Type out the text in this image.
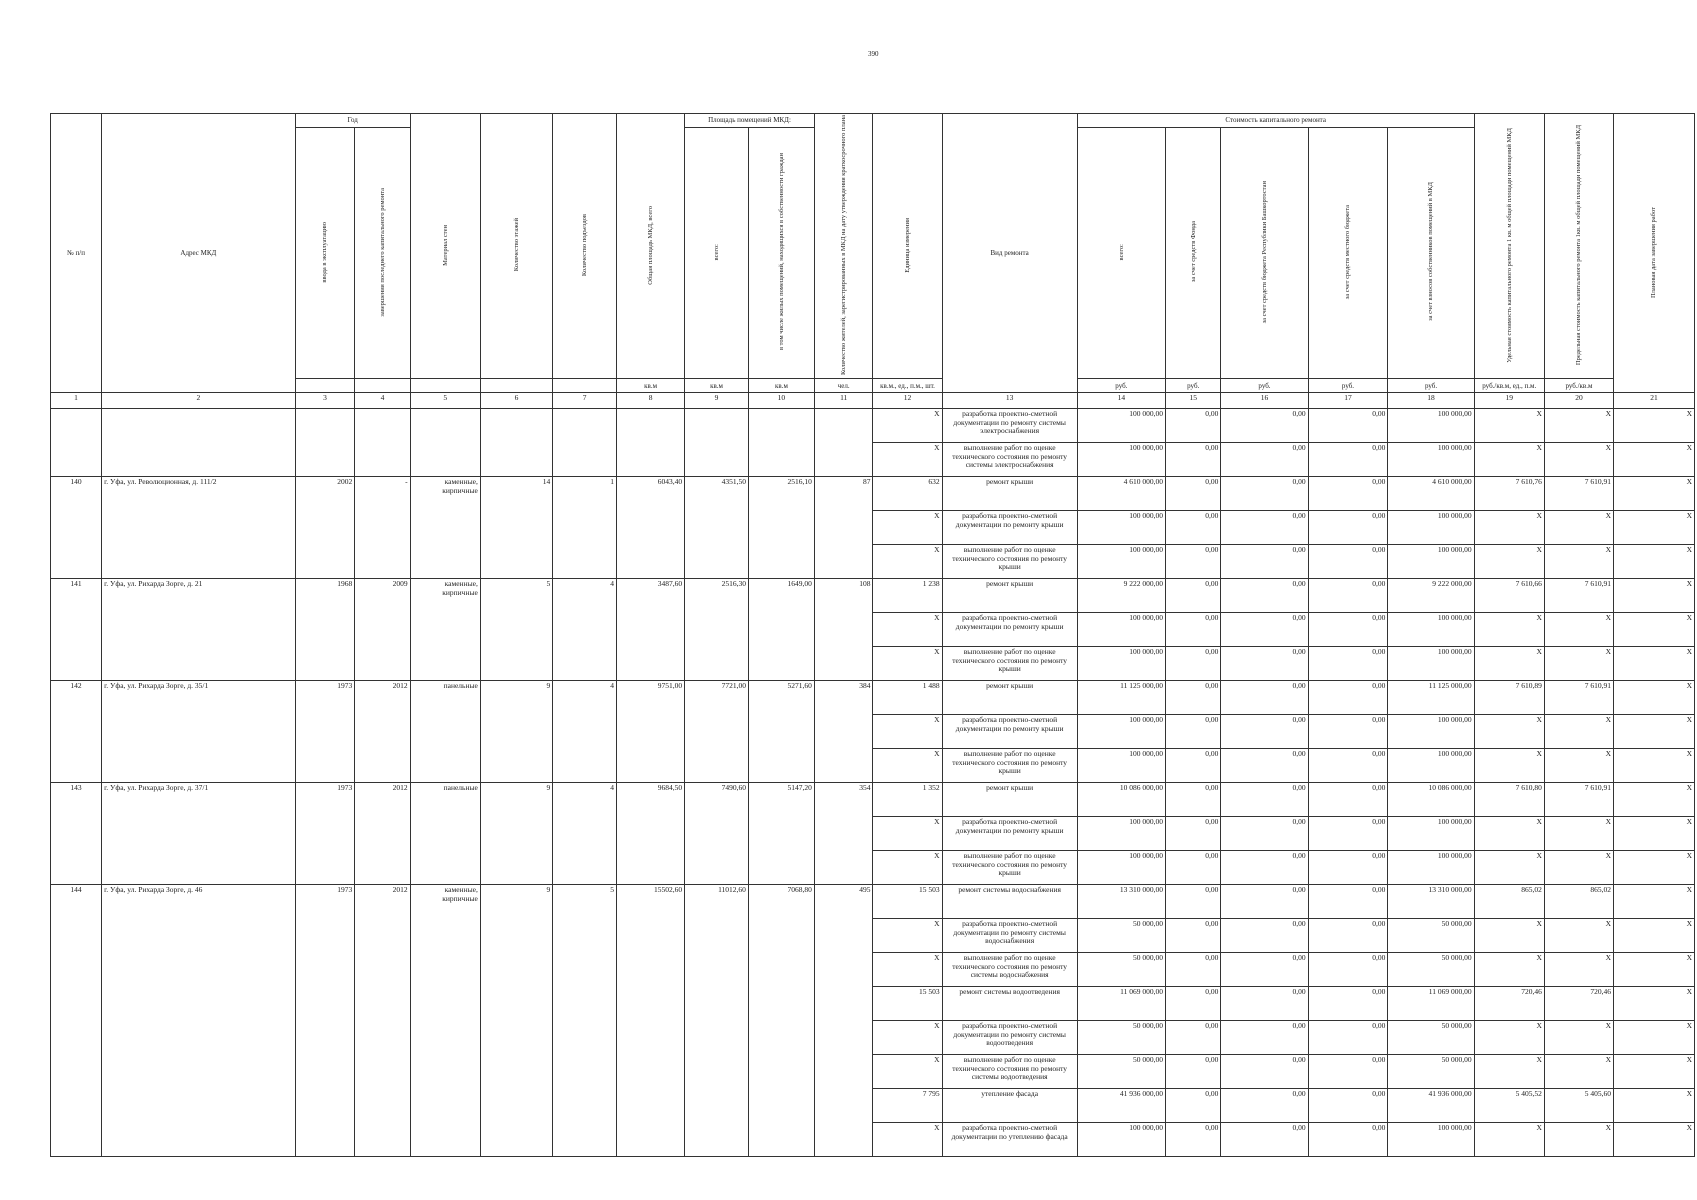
390
№ п/п	Адрес МКД	Год		Материал стен	Количество этажей	Количество подъездов	Общая площадь МКД, всего	Площадь помещений МКД:		Количество жителей, зарегистрированных в МКД на дату утверждения краткосрочного плана	Единица измерения	Вид ремонта	Стоимость капитального ремонта					Удельная стоимость капитального ремонта 1 кв. м общей площади помещений МКД	Предельная стоимость капитального ремонта 1кв. м общей площади помещений МКД	Плановая дата завершения работ
		ввода в эксплуатацию	завершения последнего капитального ремонта					всего:	в том числе жилых помещений, находящихся в собственности граждан				всего:	за счет средств Фонда	за счет средств бюджета Республики Башкортостан	за счет средств местного бюджета	за счет взносов собственников помещений в МКД			
							кв.м	кв.м	кв.м	чел.	кв.м., ед., п.м., шт.		руб.	руб.	руб.	руб.	руб.	руб./кв.м, ед., п.м.	руб./кв.м	
1	2	3	4	5	6	7	8	9	10	11	12	13	14	15	16	17	18	19	20	21
											X	разработка проектно-сметной документации по ремонту системы электроснабжения	100 000,00	0,00	0,00	0,00	100 000,00	X	X	X
											X	выполнение работ по оценке технического состояния по ремонту системы электроснабжения	100 000,00	0,00	0,00	0,00	100 000,00	X	X	X
140	г. Уфа, ул. Революционная, д. 111/2	2002	-	каменные, кирпичные	14	1	6043,40	4351,50	2516,10	87	632	ремонт крыши	4 610 000,00	0,00	0,00	0,00	4 610 000,00	7 610,76	7 610,91	X
											X	разработка проектно-сметной документации по ремонту крыши	100 000,00	0,00	0,00	0,00	100 000,00	X	X	X
											X	выполнение работ по оценке технического состояния по ремонту крыши	100 000,00	0,00	0,00	0,00	100 000,00	X	X	X
141	г. Уфа, ул. Рихарда Зорге, д. 21	1968	2009	каменные, кирпичные	5	4	3487,60	2516,30	1649,00	108	1 238	ремонт крыши	9 222 000,00	0,00	0,00	0,00	9 222 000,00	7 610,66	7 610,91	X
											X	разработка проектно-сметной документации по ремонту крыши	100 000,00	0,00	0,00	0,00	100 000,00	X	X	X
											X	выполнение работ по оценке технического состояния по ремонту крыши	100 000,00	0,00	0,00	0,00	100 000,00	X	X	X
142	г. Уфа, ул. Рихарда Зорге, д. 35/1	1973	2012	панельные	9	4	9751,00	7721,00	5271,60	384	1 488	ремонт крыши	11 125 000,00	0,00	0,00	0,00	11 125 000,00	7 610,89	7 610,91	X
											X	разработка проектно-сметной документации по ремонту крыши	100 000,00	0,00	0,00	0,00	100 000,00	X	X	X
											X	выполнение работ по оценке технического состояния по ремонту крыши	100 000,00	0,00	0,00	0,00	100 000,00	X	X	X
143	г. Уфа, ул. Рихарда Зорге, д. 37/1	1973	2012	панельные	9	4	9684,50	7490,60	5147,20	354	1 352	ремонт крыши	10 086 000,00	0,00	0,00	0,00	10 086 000,00	7 610,80	7 610,91	X
											X	разработка проектно-сметной документации по ремонту крыши	100 000,00	0,00	0,00	0,00	100 000,00	X	X	X
											X	выполнение работ по оценке технического состояния по ремонту крыши	100 000,00	0,00	0,00	0,00	100 000,00	X	X	X
144	г. Уфа, ул. Рихарда Зорге, д. 46	1973	2012	каменные, кирпичные	9	5	15502,60	11012,60	7068,80	495	15 503	ремонт системы водоснабжения	13 310 000,00	0,00	0,00	0,00	13 310 000,00	865,02	865,02	X
											X	разработка проектно-сметной документации по ремонту системы водоснабжения	50 000,00	0,00	0,00	0,00	50 000,00	X	X	X
											X	выполнение работ по оценке технического состояния по ремонту системы водоснабжения	50 000,00	0,00	0,00	0,00	50 000,00	X	X	X
											15 503	ремонт системы водоотведения	11 069 000,00	0,00	0,00	0,00	11 069 000,00	720,46	720,46	X
											X	разработка проектно-сметной документации по ремонту системы водоотведения	50 000,00	0,00	0,00	0,00	50 000,00	X	X	X
											X	выполнение работ по оценке технического состояния по ремонту системы водоотведения	50 000,00	0,00	0,00	0,00	50 000,00	X	X	X
											7 795	утепление фасада	41 936 000,00	0,00	0,00	0,00	41 936 000,00	5 405,52	5 405,60	X
											X	разработка проектно-сметной документации по утеплению фасада	100 000,00	0,00	0,00	0,00	100 000,00	X	X	X
